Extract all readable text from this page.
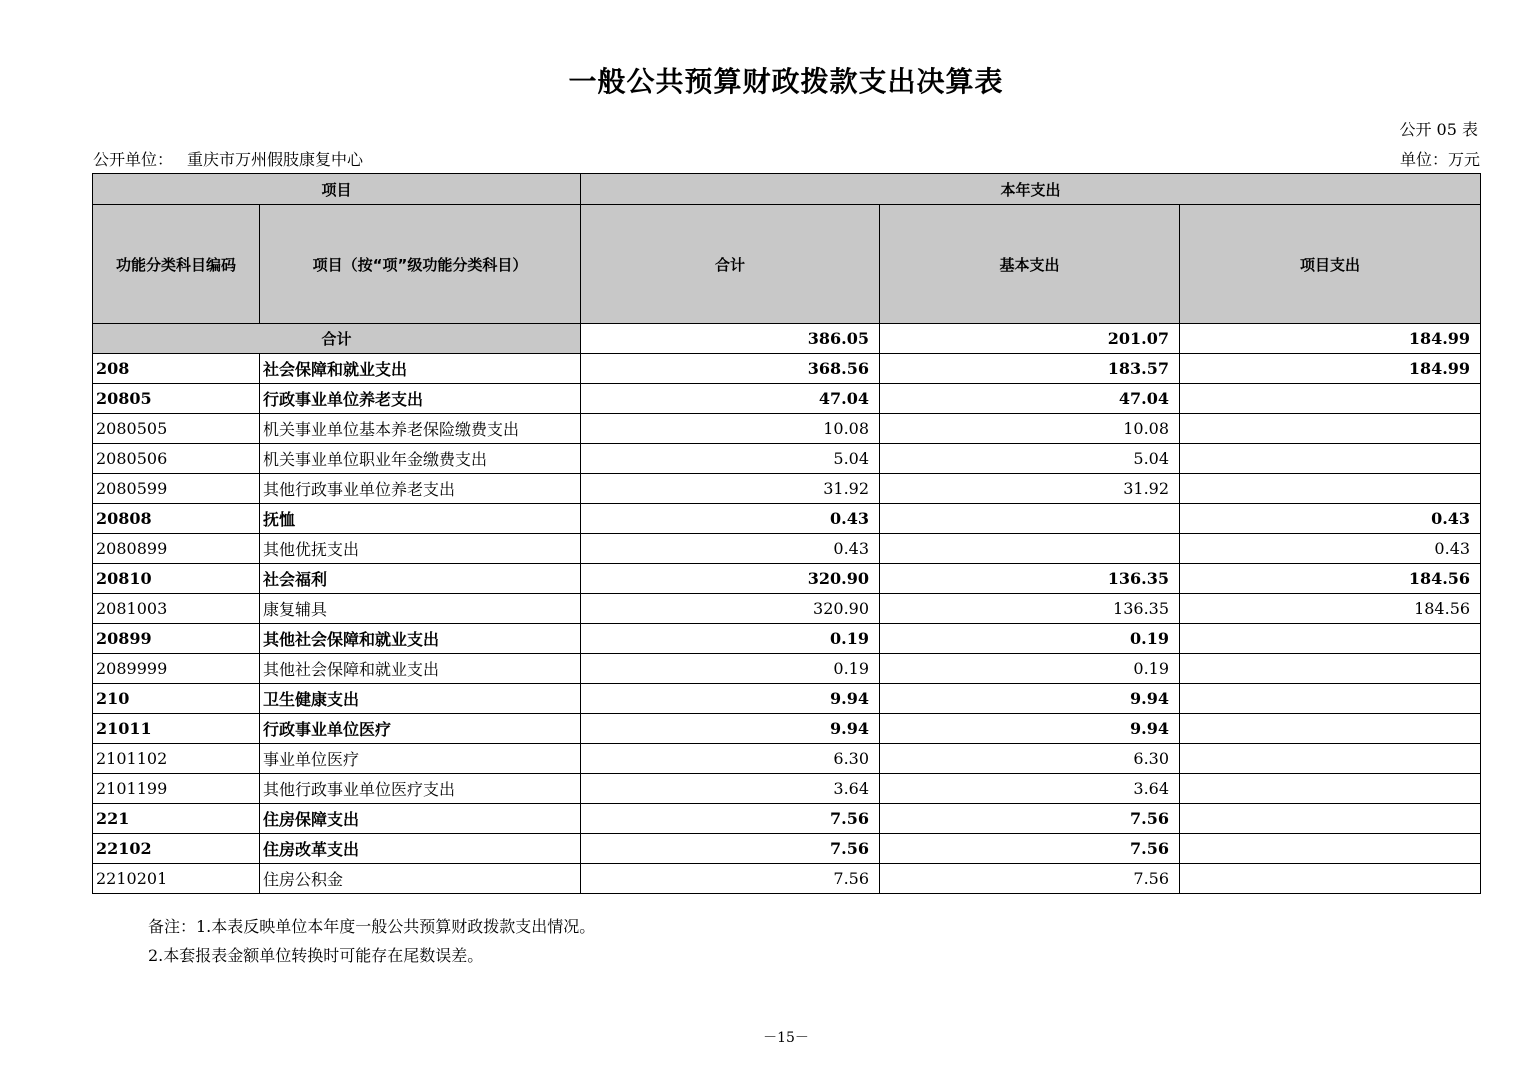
一般公共预算财政拨款支出决算表
公开 05 表
公开单位： 重庆市万州假肢康复中心	单位：万元
项目		本年支出		
功能分类科目编码	项目（按“项”级功能分类科目）	合计	基本支出	项目支出
合计		386.05	201.07	184.99
208	社会保障和就业支出	368.56	183.57	184.99
20805	行政事业单位养老支出	47.04	47.04	
2080505	机关事业单位基本养老保险缴费支出	10.08	10.08	
2080506	机关事业单位职业年金缴费支出	5.04	5.04	
2080599	其他行政事业单位养老支出	31.92	31.92	
20808	抚恤	0.43		0.43
2080899	其他优抚支出	0.43		0.43
20810	社会福利	320.90	136.35	184.56
2081003	康复辅具	320.90	136.35	184.56
20899	其他社会保障和就业支出	0.19	0.19	
2089999	其他社会保障和就业支出	0.19	0.19	
210	卫生健康支出	9.94	9.94	
21011	行政事业单位医疗	9.94	9.94	
2101102	事业单位医疗	6.30	6.30	
2101199	其他行政事业单位医疗支出	3.64	3.64	
221	住房保障支出	7.56	7.56	
22102	住房改革支出	7.56	7.56	
2210201	住房公积金	7.56	7.56	
备注：1.本表反映单位本年度一般公共预算财政拨款支出情况。
2.本套报表金额单位转换时可能存在尾数误差。
－15－
